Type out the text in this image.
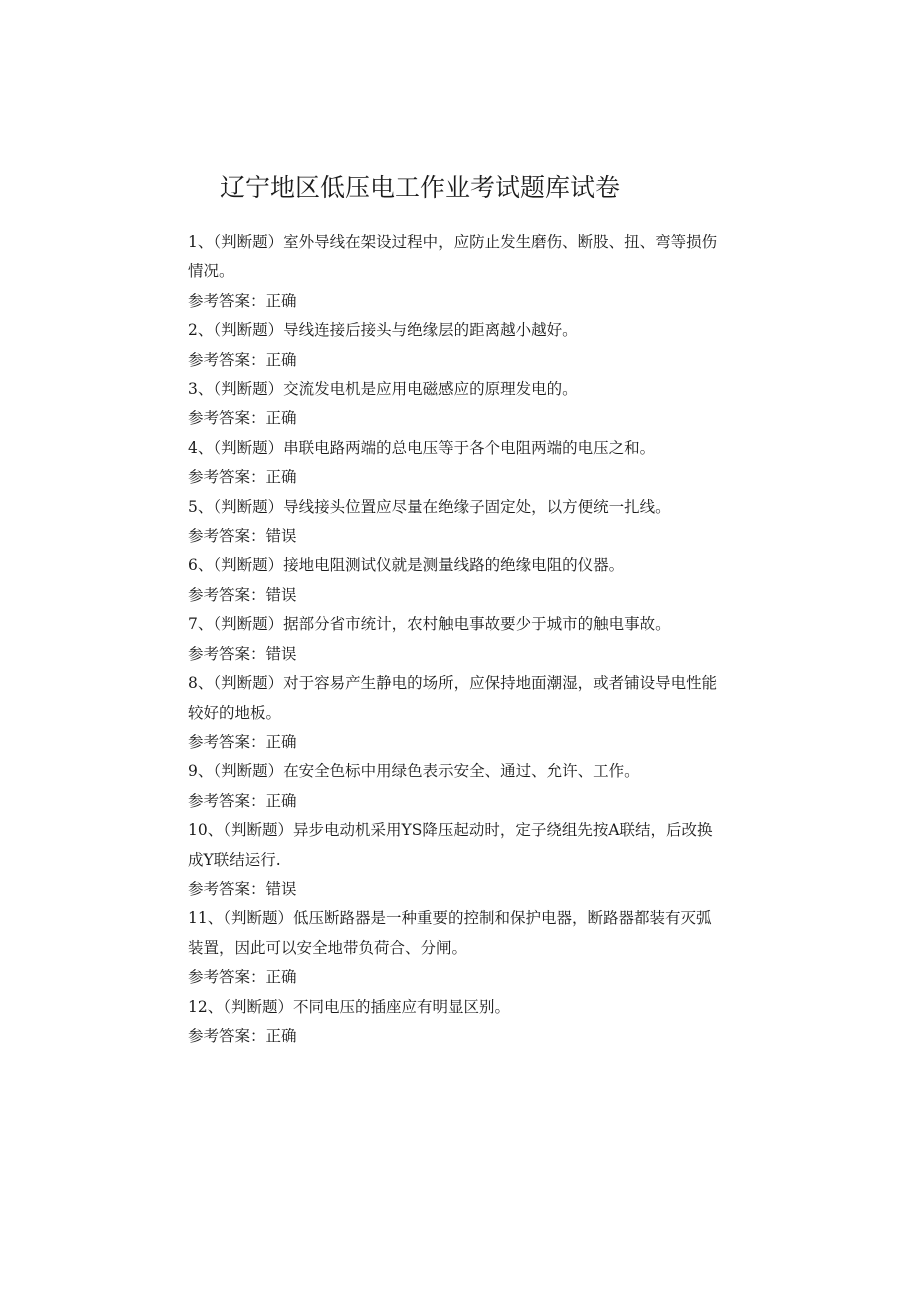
辽宁地区低压电工作业考试题库试卷

1、（判断题）室外导线在架设过程中，应防止发生磨伤、断股、扭、弯等损伤情况。

参考答案：正确

2、（判断题）导线连接后接头与绝缘层的距离越小越好。

参考答案：正确

3、（判断题）交流发电机是应用电磁感应的原理发电的。

参考答案：正确

4、（判断题）串联电路两端的总电压等于各个电阻两端的电压之和。

参考答案：正确

5、（判断题）导线接头位置应尽量在绝缘子固定处，以方便统一扎线。

参考答案：错误

6、（判断题）接地电阻测试仪就是测量线路的绝缘电阻的仪器。

参考答案：错误

7、（判断题）据部分省市统计，农村触电事故要少于城市的触电事故。

参考答案：错误

8、（判断题）对于容易产生静电的场所，应保持地面潮湿，或者铺设导电性能较好的地板。

参考答案：正确

9、（判断题）在安全色标中用绿色表示安全、通过、允许、工作。

参考答案：正确

10、（判断题）异步电动机采用YS降压起动时，定子绕组先按A联结，后改换成Y联结运行.

参考答案：错误

11、（判断题）低压断路器是一种重要的控制和保护电器，断路器都装有灭弧装置，因此可以安全地带负荷合、分闸。

参考答案：正确

12、（判断题）不同电压的插座应有明显区别。

参考答案：正确
